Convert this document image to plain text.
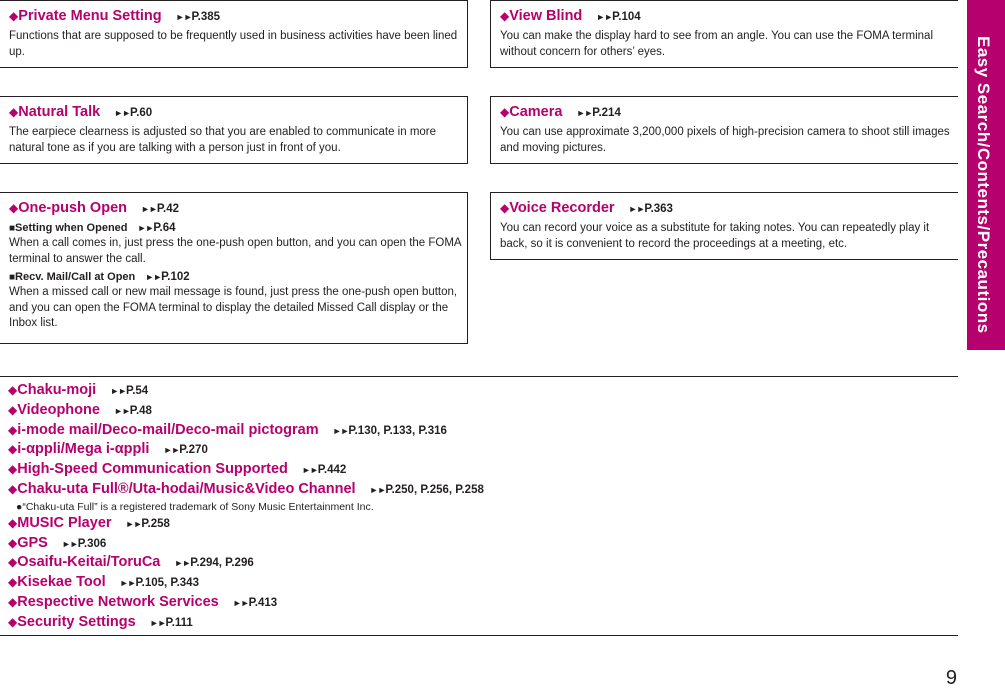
◆Private Menu Setting ►►P.385
Functions that are supposed to be frequently used in business activities have been lined up.
◆View Blind ►►P.104
You can make the display hard to see from an angle. You can use the FOMA terminal without concern for others’ eyes.
◆Natural Talk ►►P.60
The earpiece clearness is adjusted so that you are enabled to communicate in more natural tone as if you are talking with a person just in front of you.
◆Camera ►►P.214
You can use approximate 3,200,000 pixels of high-precision camera to shoot still images and moving pictures.
◆One-push Open ►►P.42
■Setting when Opened ►►P.64
When a call comes in, just press the one-push open button, and you can open the FOMA terminal to answer the call.
■Recv. Mail/Call at Open ►►P.102
When a missed call or new mail message is found, just press the one-push open button, and you can open the FOMA terminal to display the detailed Missed Call display or the Inbox list.
◆Voice Recorder ►►P.363
You can record your voice as a substitute for taking notes. You can repeatedly play it back, so it is convenient to record the proceedings at a meeting, etc.
◆Chaku-moji ►►P.54
◆Videophone ►►P.48
◆i-mode mail/Deco-mail/Deco-mail pictogram ►►P.130, P.133, P.316
◆i-αppli/Mega i-αppli ►►P.270
◆High-Speed Communication Supported ►►P.442
◆Chaku-uta Full®/Uta-hodai/Music&Video Channel ►►P.250, P.256, P.258
●“Chaku-uta Full” is a registered trademark of Sony Music Entertainment Inc.
◆MUSIC Player ►►P.258
◆GPS ►►P.306
◆Osaifu-Keitai/ToruCa ►►P.294, P.296
◆Kisekae Tool ►►P.105, P.343
◆Respective Network Services ►►P.413
◆Security Settings ►►P.111
Easy Search/Contents/Precautions
9
